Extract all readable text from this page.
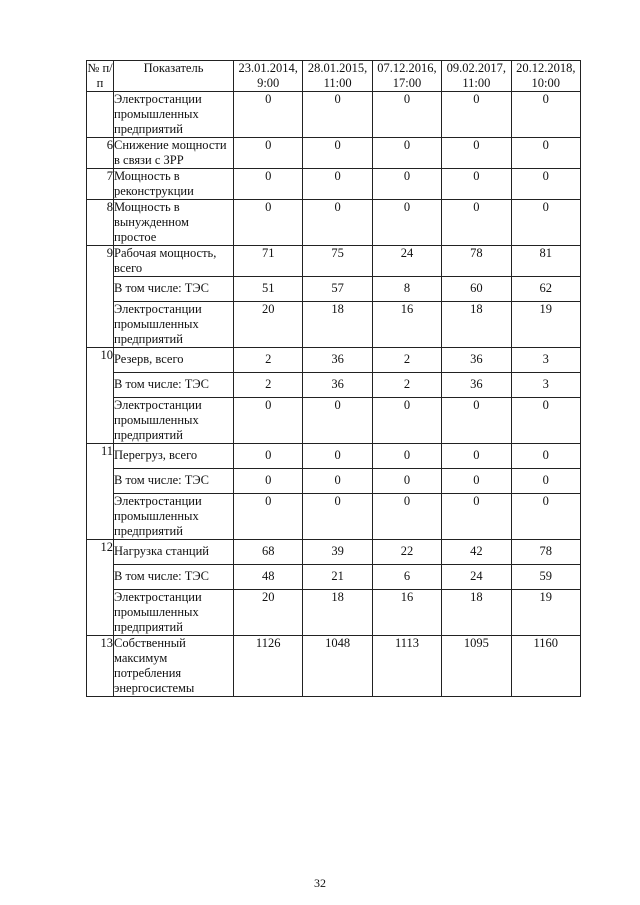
№ п/п	Показатель	23.01.2014, 9:00	28.01.2015, 11:00	07.12.2016, 17:00	09.02.2017, 11:00	20.12.2018, 10:00
	Электростанции промышленных предприятий	0	0	0	0	0
6	Снижение мощности в связи с ЗРР	0	0	0	0	0
7	Мощность в реконструкции	0	0	0	0	0
8	Мощность в вынужденном простое	0	0	0	0	0
9	Рабочая мощность, всего	71	75	24	78	81
	В том числе: ТЭС	51	57	8	60	62
	Электростанции промышленных предприятий	20	18	16	18	19
10	Резерв, всего	2	36	2	36	3
	В том числе: ТЭС	2	36	2	36	3
	Электростанции промышленных предприятий	0	0	0	0	0
11	Перегруз, всего	0	0	0	0	0
	В том числе: ТЭС	0	0	0	0	0
	Электростанции промышленных предприятий	0	0	0	0	0
12	Нагрузка станций	68	39	22	42	78
	В том числе: ТЭС	48	21	6	24	59
	Электростанции промышленных предприятий	20	18	16	18	19
13	Собственный максимум потребления энергосистемы	1126	1048	1113	1095	1160
32
